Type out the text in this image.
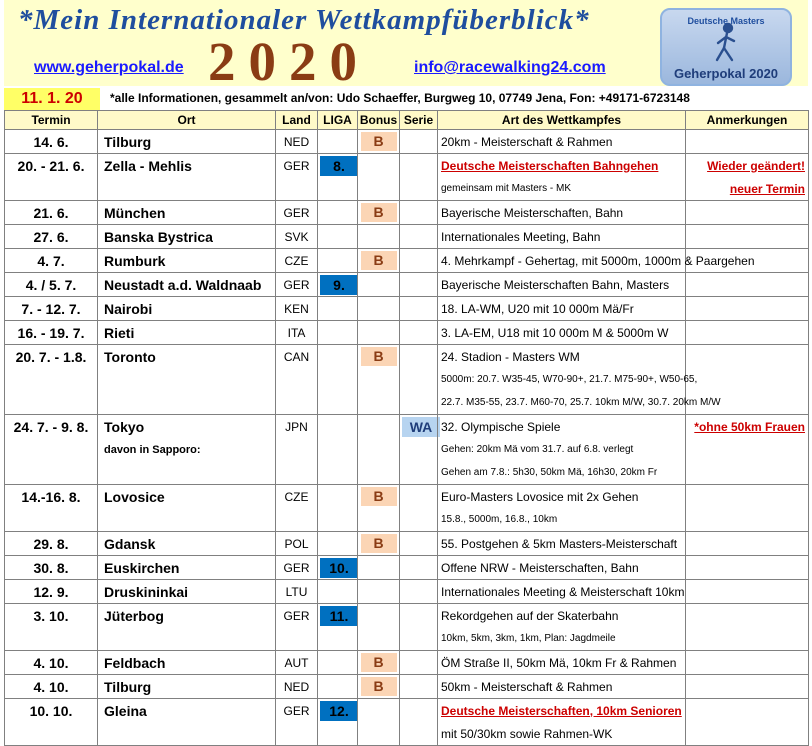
*Mein Internationaler Wettkampfüberblick*
www.geherpokal.de 2020	info@racewalking24.com
Deutsche Masters
Geherpokal 2020
11. 1. 20	*alle Informationen, gesammelt an/von: Udo Schaeffer, Burgweg 10, 07749 Jena, Fon: +49171-6723148
Termin	Ort	Land	LIGA	Bonus	Serie	Art des Wettkampfes	Anmerkungen
14. 6.	Tilburg	NED		B		20km - Meisterschaft & Rahmen	
20. - 21. 6.	Zella - Mehlis	GER	8.			Deutsche Meisterschaften Bahngehen	Wieder geändert!
						gemeinsam mit Masters - MK	neuer Termin
21. 6.	München	GER		B		Bayerische Meisterschaften, Bahn	
27. 6.	Banska Bystrica	SVK				Internationales Meeting, Bahn	
4. 7.	Rumburk	CZE		B		4. Mehrkampf - Gehertag, mit 5000m, 1000m & Paargehen	
4. / 5. 7.	Neustadt a.d. Waldnaab	GER	9.			Bayerische Meisterschaften Bahn, Masters	
7. - 12. 7.	Nairobi	KEN				18. LA-WM, U20 mit 10 000m Mä/Fr	
16. - 19. 7.	Rieti	ITA				3. LA-EM, U18 mit 10 000m M & 5000m W	
20. 7. - 1.8.	Toronto	CAN		B		24. Stadion - Masters WM	
						5000m: 20.7. W35-45, W70-90+, 21.7. M75-90+, W50-65,	
						22.7. M35-55, 23.7. M60-70, 25.7. 10km M/W, 30.7. 20km M/W	
24. 7. - 9. 8.	Tokyo	JPN			WA	32. Olympische Spiele	*ohne 50km Frauen
	davon in Sapporo:					Gehen: 20km Mä vom 31.7. auf 6.8. verlegt	
						Gehen am 7.8.: 5h30, 50km Mä, 16h30, 20km Fr	
14.-16. 8.	Lovosice	CZE		B		Euro-Masters Lovosice mit 2x Gehen	
						15.8., 5000m, 16.8., 10km	
29. 8.	Gdansk	POL		B		55. Postgehen & 5km Masters-Meisterschaft	
30. 8.	Euskirchen	GER	10.			Offene NRW - Meisterschaften, Bahn	
12. 9.	Druskininkai	LTU				Internationales Meeting & Meisterschaft 10km	
3. 10.	Jüterbog	GER	11.			Rekordgehen auf der Skaterbahn	
						10km, 5km, 3km, 1km, Plan: Jagdmeile	
4. 10.	Feldbach	AUT		B		ÖM Straße II, 50km Mä, 10km Fr & Rahmen	
4. 10.	Tilburg	NED		B		50km - Meisterschaft & Rahmen	
10. 10.	Gleina	GER	12.			Deutsche Meisterschaften, 10km Senioren	
						mit 50/30km sowie Rahmen-WK	
